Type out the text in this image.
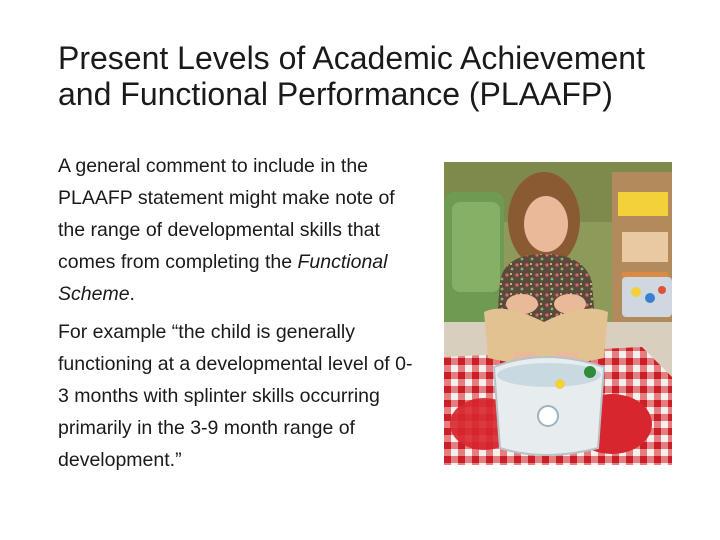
Present Levels of Academic Achievement
and Functional Performance (PLAAFP)

A general comment to include in the PLAAFP statement might make note of the range of developmental skills that comes from completing the Functional Scheme.

For example “the child is generally functioning at a developmental level of 0-3 months with splinter skills occurring primarily in the 3-9 month range of development.”
